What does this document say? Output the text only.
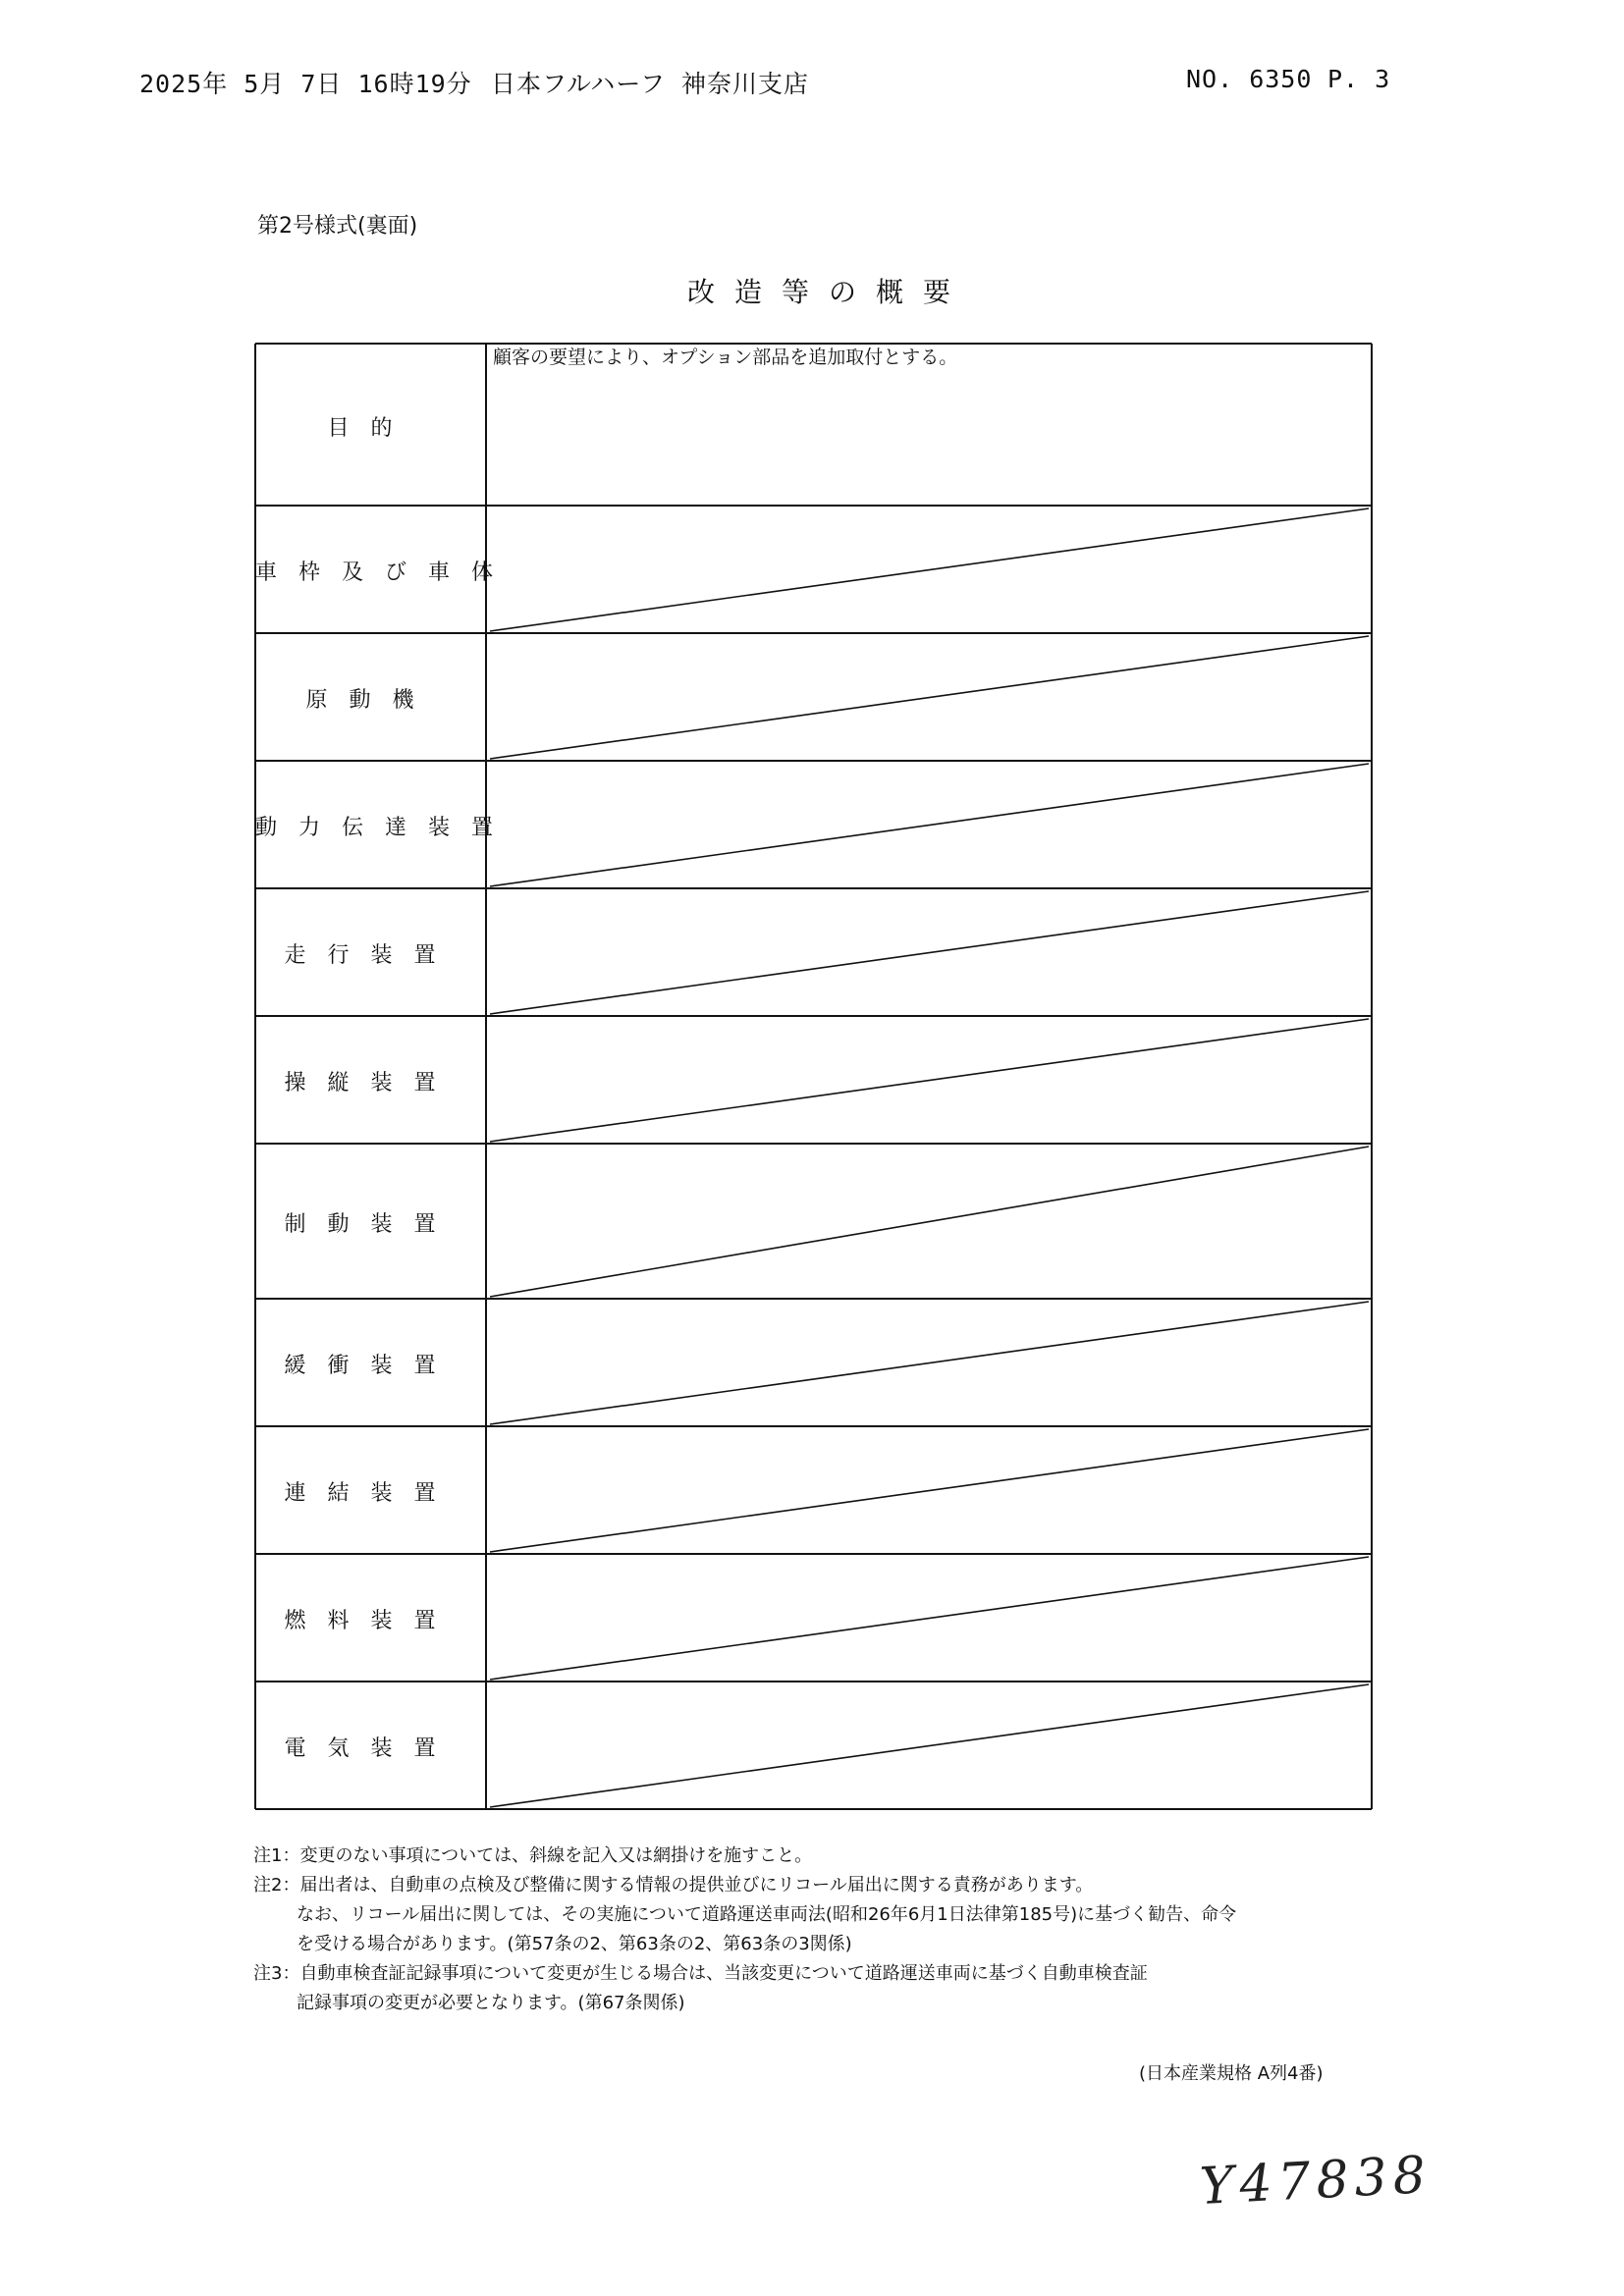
2025年 5月 7日 16時19分 日本フルハーフ 神奈川支店	NO. 6350 P. 3
第2号様式(裏面)
改造等の概要
目的
車枠及び車体
原動機
動力伝達装置
走行装置
操縦装置
制動装置
緩衝装置
連結装置
燃料装置
電気装置
顧客の要望により、オプション部品を追加取付とする。
注1：変更のない事項については、斜線を記入又は網掛けを施すこと。
注2：届出者は、自動車の点検及び整備に関する情報の提供並びにリコール届出に関する責務があります。
なお、リコール届出に関しては、その実施について道路運送車両法(昭和26年6月1日法律第185号)に基づく勧告、命令
を受ける場合があります。(第57条の2、第63条の2、第63条の3関係)
注3：自動車検査証記録事項について変更が生じる場合は、当該変更について道路運送車両に基づく自動車検査証
記録事項の変更が必要となります。(第67条関係)
(日本産業規格 A列4番)
Y47838
